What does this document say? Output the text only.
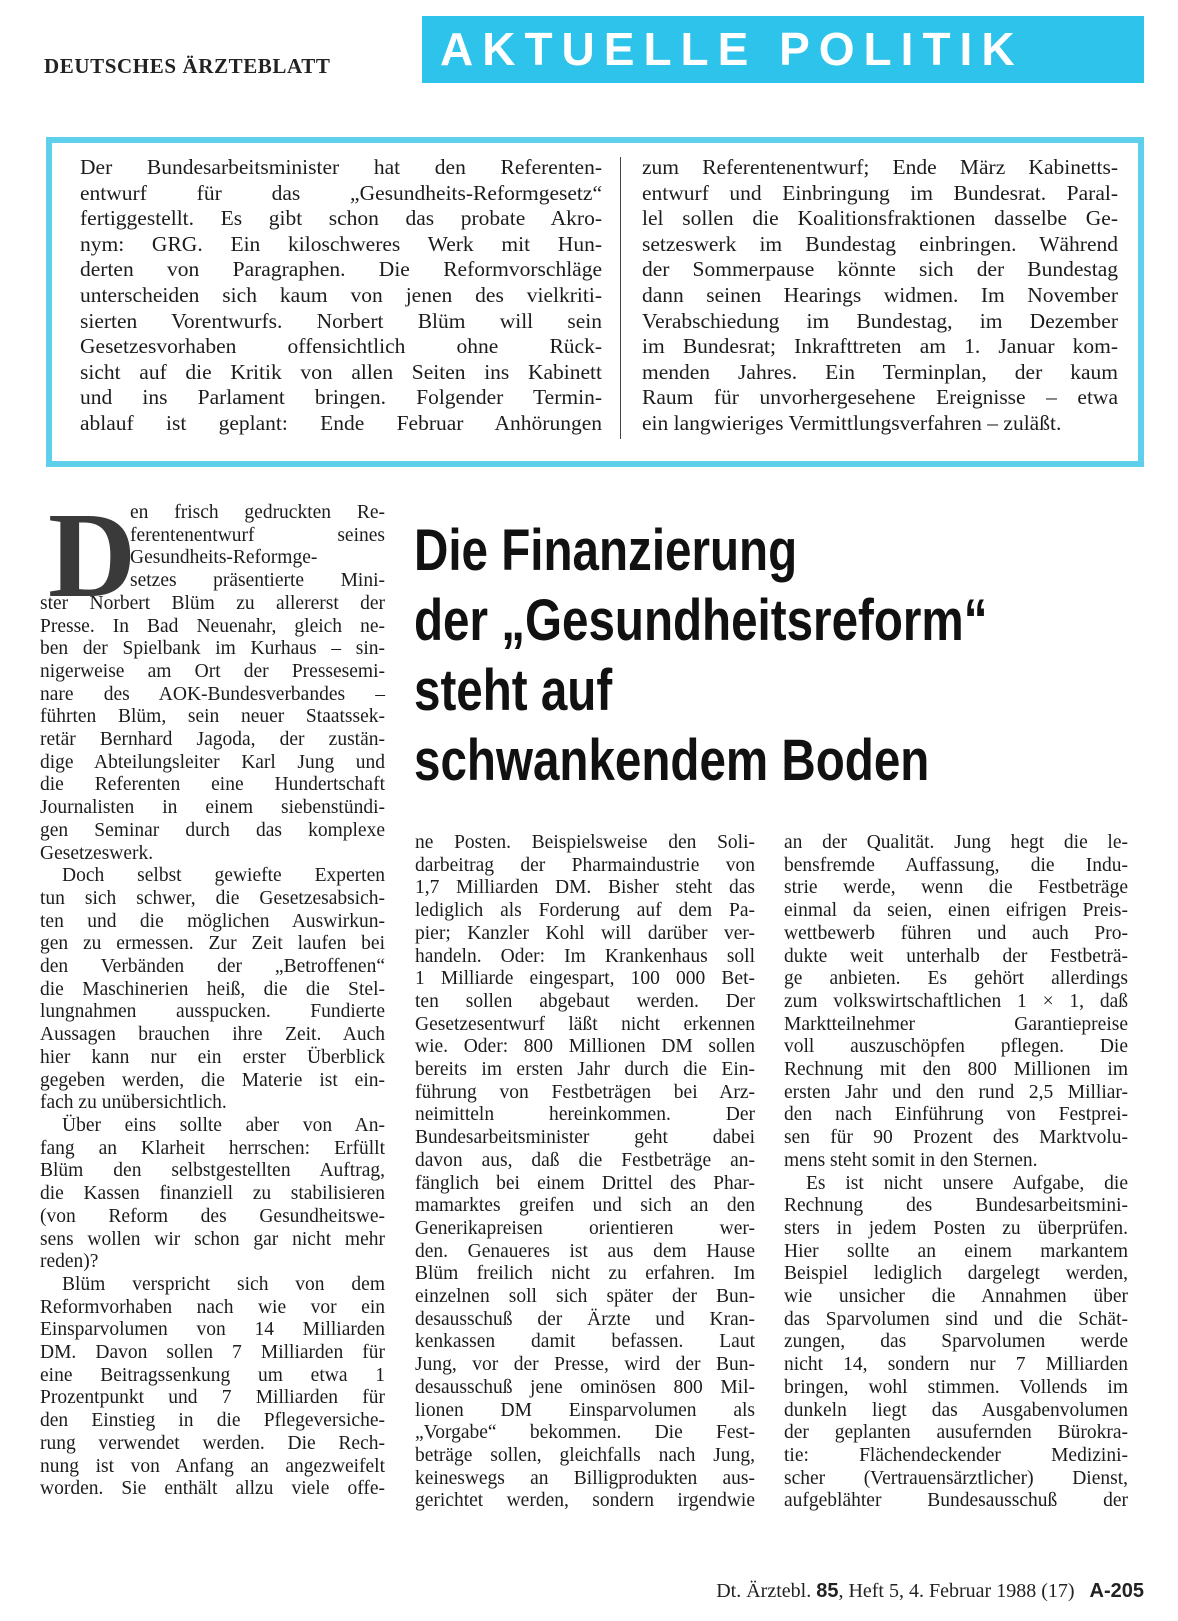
DEUTSCHES ÄRZTEBLATT	AKTUELLE POLITIK
Der Bundesarbeitsminister hat den Referenten-
entwurf für das „Gesundheits-Reformgesetz“
fertiggestellt. Es gibt schon das probate Akro-
nym: GRG. Ein kiloschweres Werk mit Hun-
derten von Paragraphen. Die Reformvorschläge
unterscheiden sich kaum von jenen des vielkriti-
sierten Vorentwurfs. Norbert Blüm will sein
Gesetzesvorhaben offensichtlich ohne Rück-
sicht auf die Kritik von allen Seiten ins Kabinett
und ins Parlament bringen. Folgender Termin-
ablauf ist geplant: Ende Februar Anhörungen
zum Referentenentwurf; Ende März Kabinetts-
entwurf und Einbringung im Bundesrat. Paral-
lel sollen die Koalitionsfraktionen dasselbe Ge-
setzeswerk im Bundestag einbringen. Während
der Sommerpause könnte sich der Bundestag
dann seinen Hearings widmen. Im November
Verabschiedung im Bundestag, im Dezember
im Bundesrat; Inkrafttreten am 1. Januar kom-
menden Jahres. Ein Terminplan, der kaum
Raum für unvorhergesehene Ereignisse – etwa
ein langwieriges Vermittlungsverfahren – zuläßt.
Die Finanzierung
der „Gesundheitsreform“
steht auf
schwankendem Boden
D
en frisch gedruckten Re-
ferentenentwurf seines
Gesundheits-Reformge-
setzes präsentierte Mini-
ster Norbert Blüm zu allererst der
Presse. In Bad Neuenahr, gleich ne-
ben der Spielbank im Kurhaus – sin-
nigerweise am Ort der Pressesemi-
nare des AOK-Bundesverbandes –
führten Blüm, sein neuer Staatssek-
retär Bernhard Jagoda, der zustän-
dige Abteilungsleiter Karl Jung und
die Referenten eine Hundertschaft
Journalisten in einem siebenstündi-
gen Seminar durch das komplexe
Gesetzeswerk.
Doch selbst gewiefte Experten
tun sich schwer, die Gesetzesabsich-
ten und die möglichen Auswirkun-
gen zu ermessen. Zur Zeit laufen bei
den Verbänden der „Betroffenen“
die Maschinerien heiß, die die Stel-
lungnahmen ausspucken. Fundierte
Aussagen brauchen ihre Zeit. Auch
hier kann nur ein erster Überblick
gegeben werden, die Materie ist ein-
fach zu unübersichtlich.
Über eins sollte aber von An-
fang an Klarheit herrschen: Erfüllt
Blüm den selbstgestellten Auftrag,
die Kassen finanziell zu stabilisieren
(von Reform des Gesundheitswe-
sens wollen wir schon gar nicht mehr
reden)?
Blüm verspricht sich von dem
Reformvorhaben nach wie vor ein
Einsparvolumen von 14 Milliarden
DM. Davon sollen 7 Milliarden für
eine Beitragssenkung um etwa 1
Prozentpunkt und 7 Milliarden für
den Einstieg in die Pflegeversiche-
rung verwendet werden. Die Rech-
nung ist von Anfang an angezweifelt
worden. Sie enthält allzu viele offe-
ne Posten. Beispielsweise den Soli-
darbeitrag der Pharmaindustrie von
1,7 Milliarden DM. Bisher steht das
lediglich als Forderung auf dem Pa-
pier; Kanzler Kohl will darüber ver-
handeln. Oder: Im Krankenhaus soll
1 Milliarde eingespart, 100 000 Bet-
ten sollen abgebaut werden. Der
Gesetzesentwurf läßt nicht erkennen
wie. Oder: 800 Millionen DM sollen
bereits im ersten Jahr durch die Ein-
führung von Festbeträgen bei Arz-
neimitteln hereinkommen. Der
Bundesarbeitsminister geht dabei
davon aus, daß die Festbeträge an-
fänglich bei einem Drittel des Phar-
mamarktes greifen und sich an den
Generikapreisen orientieren wer-
den. Genaueres ist aus dem Hause
Blüm freilich nicht zu erfahren. Im
einzelnen soll sich später der Bun-
desausschuß der Ärzte und Kran-
kenkassen damit befassen. Laut
Jung, vor der Presse, wird der Bun-
desausschuß jene ominösen 800 Mil-
lionen DM Einsparvolumen als
„Vorgabe“ bekommen. Die Fest-
beträge sollen, gleichfalls nach Jung,
keineswegs an Billigprodukten aus-
gerichtet werden, sondern irgendwie
an der Qualität. Jung hegt die le-
bensfremde Auffassung, die Indu-
strie werde, wenn die Festbeträge
einmal da seien, einen eifrigen Preis-
wettbewerb führen und auch Pro-
dukte weit unterhalb der Festbeträ-
ge anbieten. Es gehört allerdings
zum volkswirtschaftlichen 1 × 1, daß
Marktteilnehmer Garantiepreise
voll auszuschöpfen pflegen. Die
Rechnung mit den 800 Millionen im
ersten Jahr und den rund 2,5 Milliar-
den nach Einführung von Festprei-
sen für 90 Prozent des Marktvolu-
mens steht somit in den Sternen.
Es ist nicht unsere Aufgabe, die
Rechnung des Bundesarbeitsmini-
sters in jedem Posten zu überprüfen.
Hier sollte an einem markantem
Beispiel lediglich dargelegt werden,
wie unsicher die Annahmen über
das Sparvolumen sind und die Schät-
zungen, das Sparvolumen werde
nicht 14, sondern nur 7 Milliarden
bringen, wohl stimmen. Vollends im
dunkeln liegt das Ausgabenvolumen
der geplanten ausufernden Bürokra-
tie: Flächendeckender Medizini-
scher (Vertrauensärztlicher) Dienst,
aufgeblähter Bundesausschuß der
Dt. Ärztebl. 85, Heft 5, 4. Februar 1988 (17) A-205
